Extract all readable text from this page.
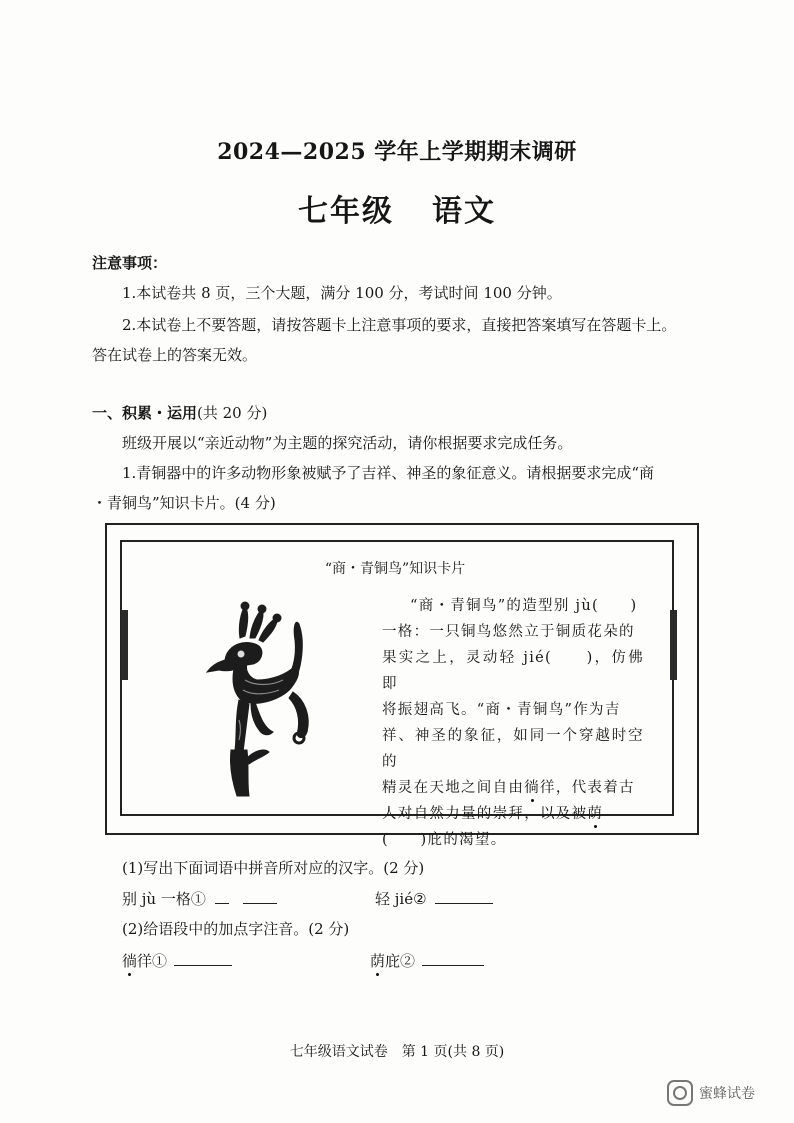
2024—2025 学年上学期期末调研
七年级 语文
注意事项：
1.本试卷共 8 页，三个大题，满分 100 分，考试时间 100 分钟。
2.本试卷上不要答题，请按答题卡上注意事项的要求，直接把答案填写在答题卡上。
答在试卷上的答案无效。
一、积累・运用(共 20 分)
班级开展以“亲近动物”为主题的探究活动，请你根据要求完成任务。
1.青铜器中的许多动物形象被赋予了吉祥、神圣的象征意义。请根据要求完成“商
・青铜鸟”知识卡片。(4 分)
“商・青铜鸟”知识卡片
“商・青铜鸟”的造型别 jù(　　)
一格：一只铜鸟悠然立于铜质花朵的
果实之上，灵动轻 jié(　　)，仿佛即
将振翅高飞。“商・青铜鸟”作为吉
祥、神圣的象征，如同一个穿越时空的
精灵在天地之间自由徜徉，代表着古
人对自然力量的崇拜，以及被荫
(　　)庇的渴望。
(1)写出下面词语中拼音所对应的汉字。(2 分)
别 jù 一格①	轻 jié②
(2)给语段中的加点字注音。(2 分)
徜徉①	荫庇②
七年级语文试卷　第 1 页(共 8 页)
蜜蜂试卷
